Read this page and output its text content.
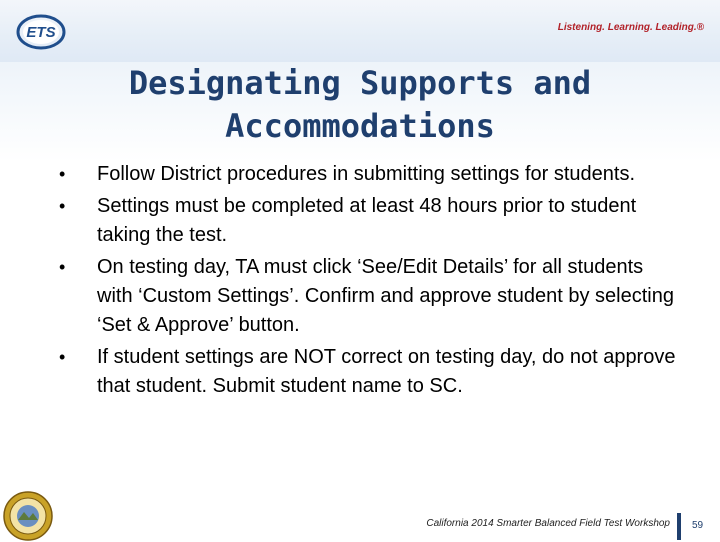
ETS	Listening. Learning. Leading.®
Designating Supports and Accommodations
• Follow District procedures in submitting settings for students.
• Settings must be completed at least 48 hours prior to student taking the test.
• On testing day, TA must click ‘See/Edit Details’ for all students with ‘Custom Settings’. Confirm and approve student by selecting ‘Set & Approve’ button.
• If student settings are NOT correct on testing day, do not approve that student. Submit student name to SC.
California 2014 Smarter Balanced Field Test Workshop 59
